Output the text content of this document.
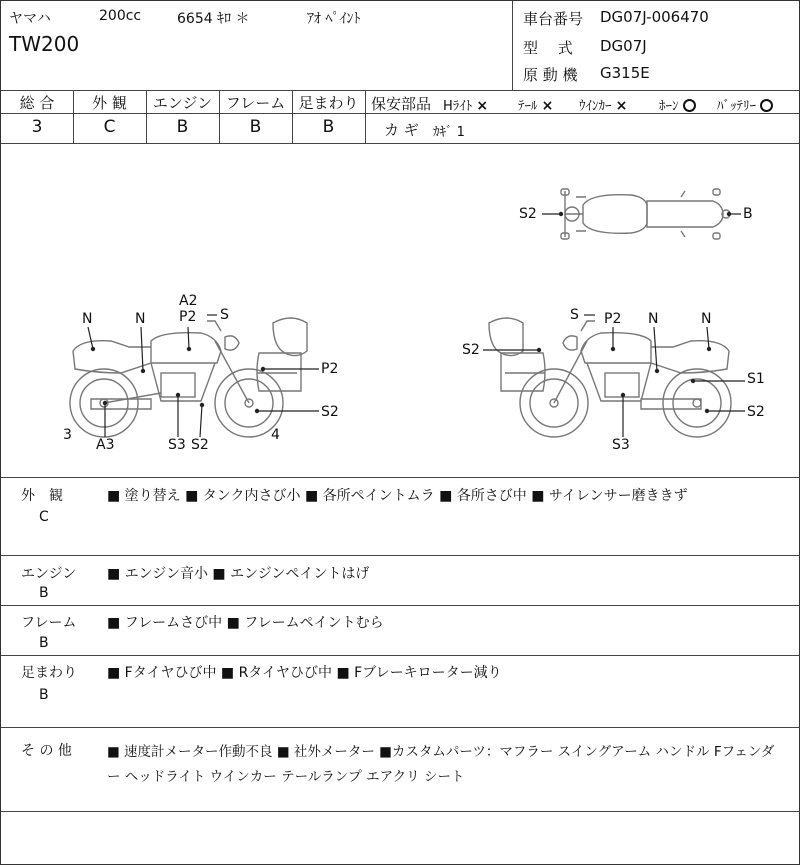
ヤマハ	200cc	6654 ｷﾛ ＊	ｱｵ ﾍﾟｲﾝﾄ
TW200
車台番号 DG07J-006470
型　 式 DG07J
原 動 機 G315E
総 合	外 観	エンジン フレーム 足まわり
3	C	B	B	B
保安部品 Hﾗｲﾄ × ﾃｰﾙ × ｳｲﾝｶｰ × ﾎｰﾝ	ﾊﾞｯﾃﾘｰ
カ ギ ｶｷﾞ 1
S2	B
N	N
A2
P2 S
P2
S2
3
A3	S3 S2
4
S P2 N	N
S2
S1
S2
S3
外　観
C
■ 塗り替え ■ タンク内さび小 ■ 各所ペイントムラ ■ 各所さび中 ■ サイレンサー磨ききず
エンジン
B
■ エンジン音小 ■ エンジンペイントはげ
フレーム
B
■ フレームさび中 ■ フレームペイントむら
足まわり
B
■ Fタイヤひび中 ■ Rタイヤひび中 ■ Fブレーキローター減り
そ の 他	■ 速度計メーター作動不良 ■ 社外メーター ■カスタムパーツ：マフラー スイングアーム ハンドル Fフェンダ
ー ヘッドライト ウインカー テールランプ エアクリ シート
